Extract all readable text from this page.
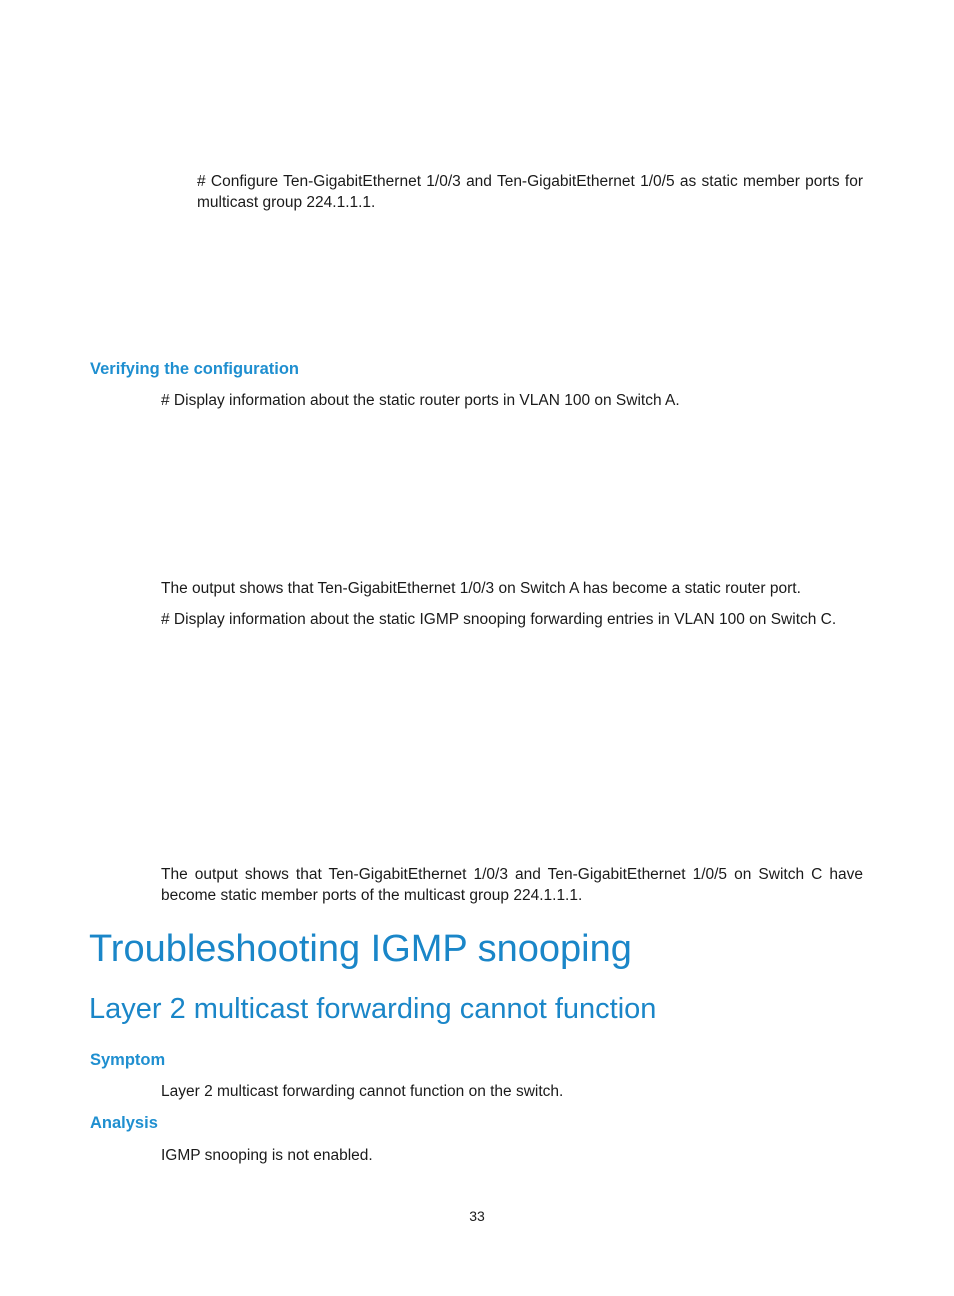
# Configure Ten-GigabitEthernet 1/0/3 and Ten-GigabitEthernet 1/0/5 as static member ports for multicast group 224.1.1.1.

Verifying the configuration

# Display information about the static router ports in VLAN 100 on Switch A.

The output shows that Ten-GigabitEthernet 1/0/3 on Switch A has become a static router port.

# Display information about the static IGMP snooping forwarding entries in VLAN 100 on Switch C.

The output shows that Ten-GigabitEthernet 1/0/3 and Ten-GigabitEthernet 1/0/5 on Switch C have become static member ports of the multicast group 224.1.1.1.

Troubleshooting IGMP snooping
Layer 2 multicast forwarding cannot function
Symptom

Layer 2 multicast forwarding cannot function on the switch.

Analysis

IGMP snooping is not enabled.

33
